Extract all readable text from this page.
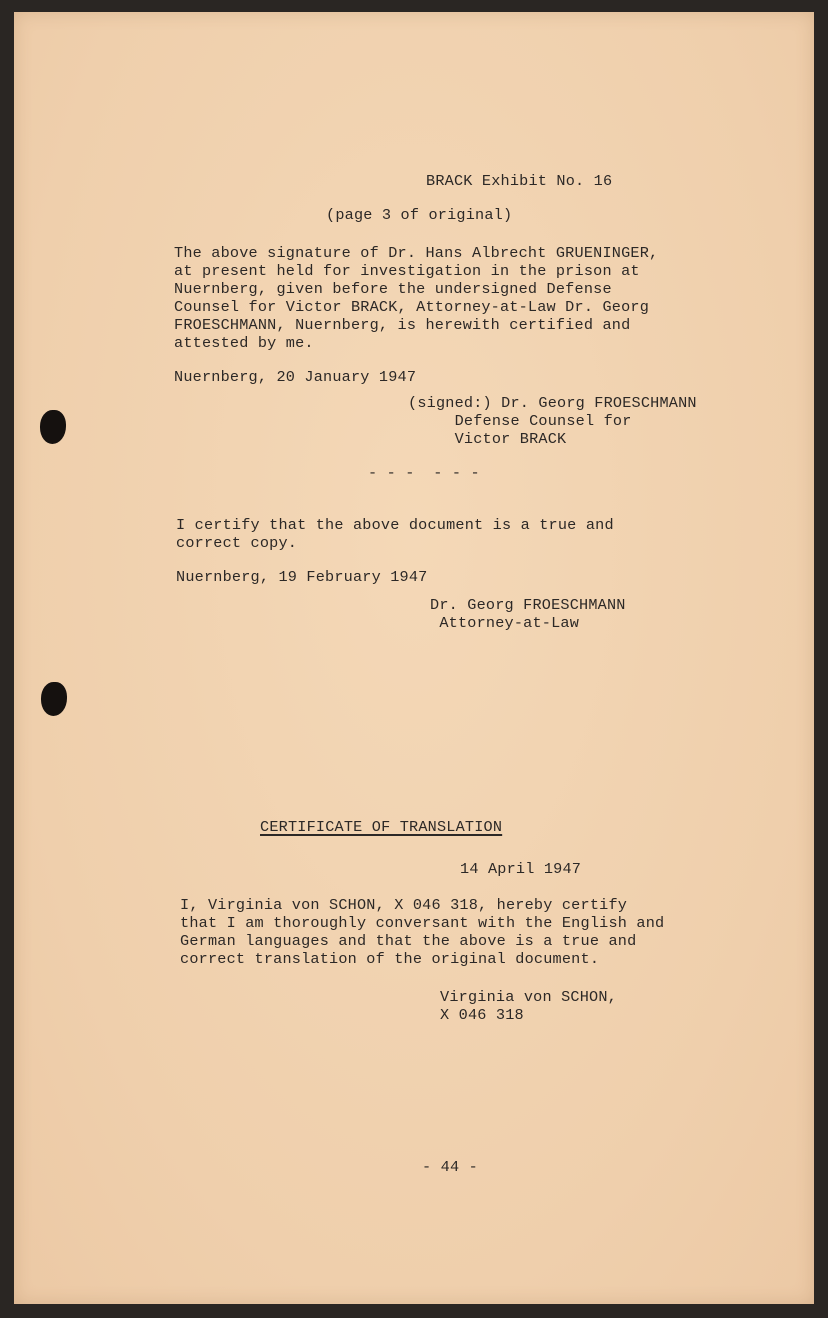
BRACK Exhibit No. 16
(page 3 of original)
The above signature of Dr. Hans Albrecht GRUENINGER,
at present held for investigation in the prison at
Nuernberg, given before the undersigned Defense
Counsel for Victor BRACK, Attorney-at-Law Dr. Georg
FROESCHMANN, Nuernberg, is herewith certified and
attested by me.
Nuernberg, 20 January 1947
(signed:) Dr. Georg FROESCHMANN
Defense Counsel for
Victor BRACK
- - -  - - -
I certify that the above document is a true and
correct copy.
Nuernberg, 19 February 1947
Dr. Georg FROESCHMANN
Attorney-at-Law
CERTIFICATE OF TRANSLATION
14 April 1947
I, Virginia von SCHON, X 046 318, hereby certify
that I am thoroughly conversant with the English and
German languages and that the above is a true and
correct translation of the original document.
Virginia von SCHON,
X 046 318
- 44 -
